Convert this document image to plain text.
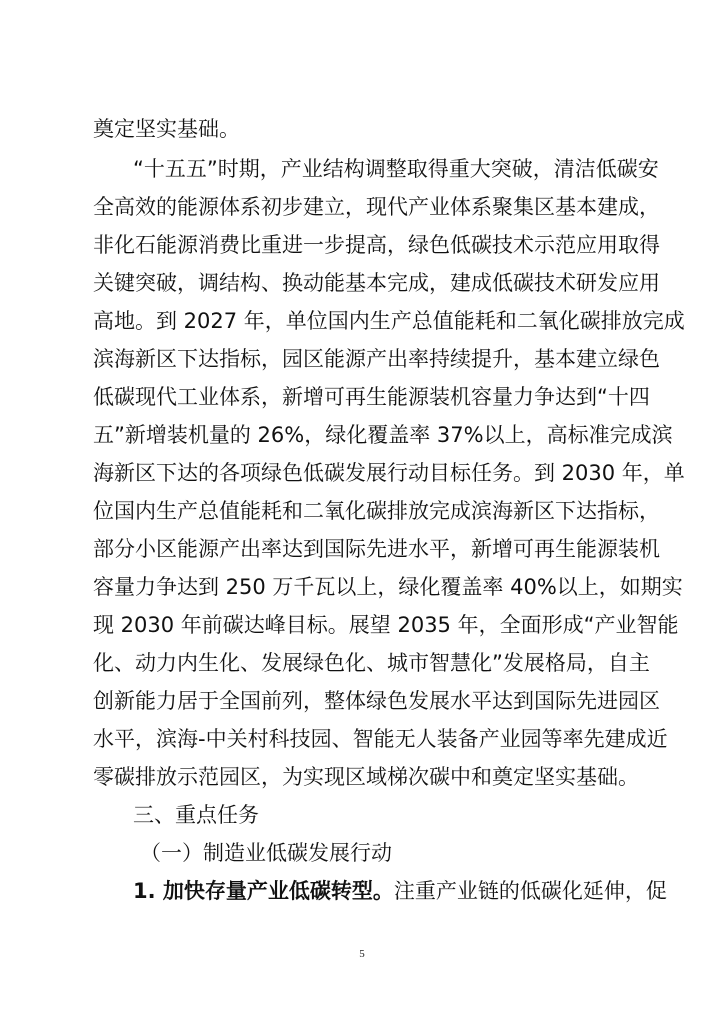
奠定坚实基础。
“十五五”时期，产业结构调整取得重大突破，清洁低碳安
全高效的能源体系初步建立，现代产业体系聚集区基本建成，
非化石能源消费比重进一步提高，绿色低碳技术示范应用取得
关键突破，调结构、换动能基本完成，建成低碳技术研发应用
高地。到 2027 年，单位国内生产总值能耗和二氧化碳排放完成
滨海新区下达指标，园区能源产出率持续提升，基本建立绿色
低碳现代工业体系，新增可再生能源装机容量力争达到“十四
五”新增装机量的 26%，绿化覆盖率 37%以上，高标准完成滨
海新区下达的各项绿色低碳发展行动目标任务。到 2030 年，单
位国内生产总值能耗和二氧化碳排放完成滨海新区下达指标，
部分小区能源产出率达到国际先进水平，新增可再生能源装机
容量力争达到 250 万千瓦以上，绿化覆盖率 40%以上，如期实
现 2030 年前碳达峰目标。展望 2035 年，全面形成“产业智能
化、动力内生化、发展绿色化、城市智慧化”发展格局，自主
创新能力居于全国前列，整体绿色发展水平达到国际先进园区
水平，滨海-中关村科技园、智能无人装备产业园等率先建成近
零碳排放示范园区，为实现区域梯次碳中和奠定坚实基础。
三、重点任务
（一）制造业低碳发展行动
1. 加快存量产业低碳转型。注重产业链的低碳化延伸，促
5
